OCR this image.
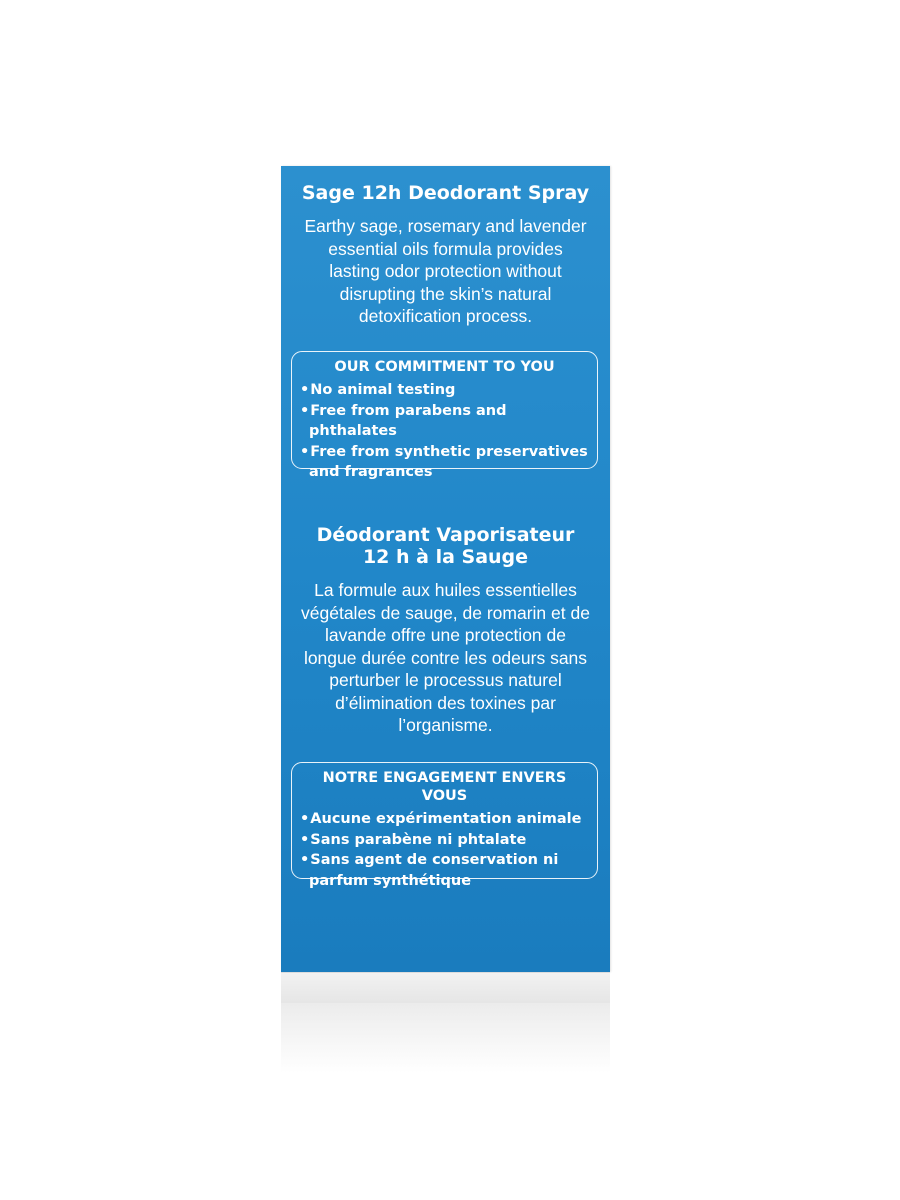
Sage 12h Deodorant Spray

Earthy sage, rosemary and lavender
essential oils formula provides
lasting odor protection without
disrupting the skin’s natural
detoxification process.

OUR COMMITMENT TO YOU
• No animal testing
• Free from parabens and phthalates
• Free from synthetic preservatives and fragrances
Déodorant Vaporisateur
12 h à la Sauge

La formule aux huiles essentielles
végétales de sauge, de romarin et de
lavande offre une protection de
longue durée contre les odeurs sans
perturber le processus naturel
d’élimination des toxines par
l’organisme.

NOTRE ENGAGEMENT ENVERS VOUS
• Aucune expérimentation animale
• Sans parabène ni phtalate
• Sans agent de conservation ni parfum synthétique
